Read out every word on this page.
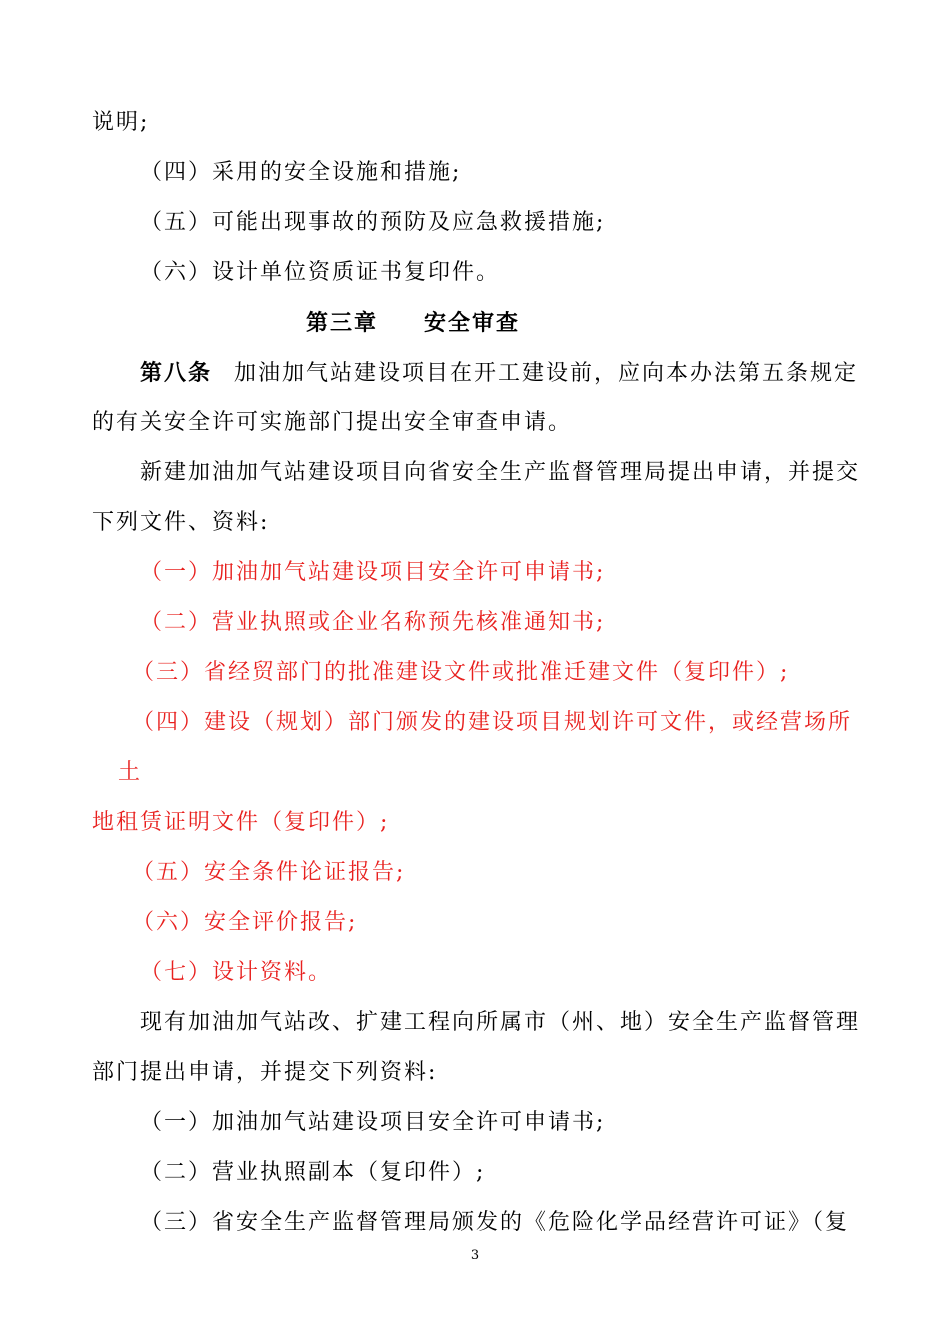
说明;
（四）采用的安全设施和措施;
（五）可能出现事故的预防及应急救援措施;
（六）设计单位资质证书复印件。
第三章 安全审查
第八条 加油加气站建设项目在开工建设前，应向本办法第五条规定
的有关安全许可实施部门提出安全审查申请。
新建加油加气站建设项目向省安全生产监督管理局提出申请，并提交
下列文件、资料:
（一）加油加气站建设项目安全许可申请书;
（二）营业执照或企业名称预先核准通知书;
（三）省经贸部门的批准建设文件或批准迁建文件（复印件）;
（四）建设（规划）部门颁发的建设项目规划许可文件，或经营场所
土
地租赁证明文件（复印件）;
（五）安全条件论证报告;
（六）安全评价报告;
（七）设计资料。
现有加油加气站改、扩建工程向所属市（州、地）安全生产监督管理
部门提出申请，并提交下列资料:
（一）加油加气站建设项目安全许可申请书;
（二）营业执照副本（复印件）;
（三）省安全生产监督管理局颁发的《危险化学品经营许可证》（复
3
